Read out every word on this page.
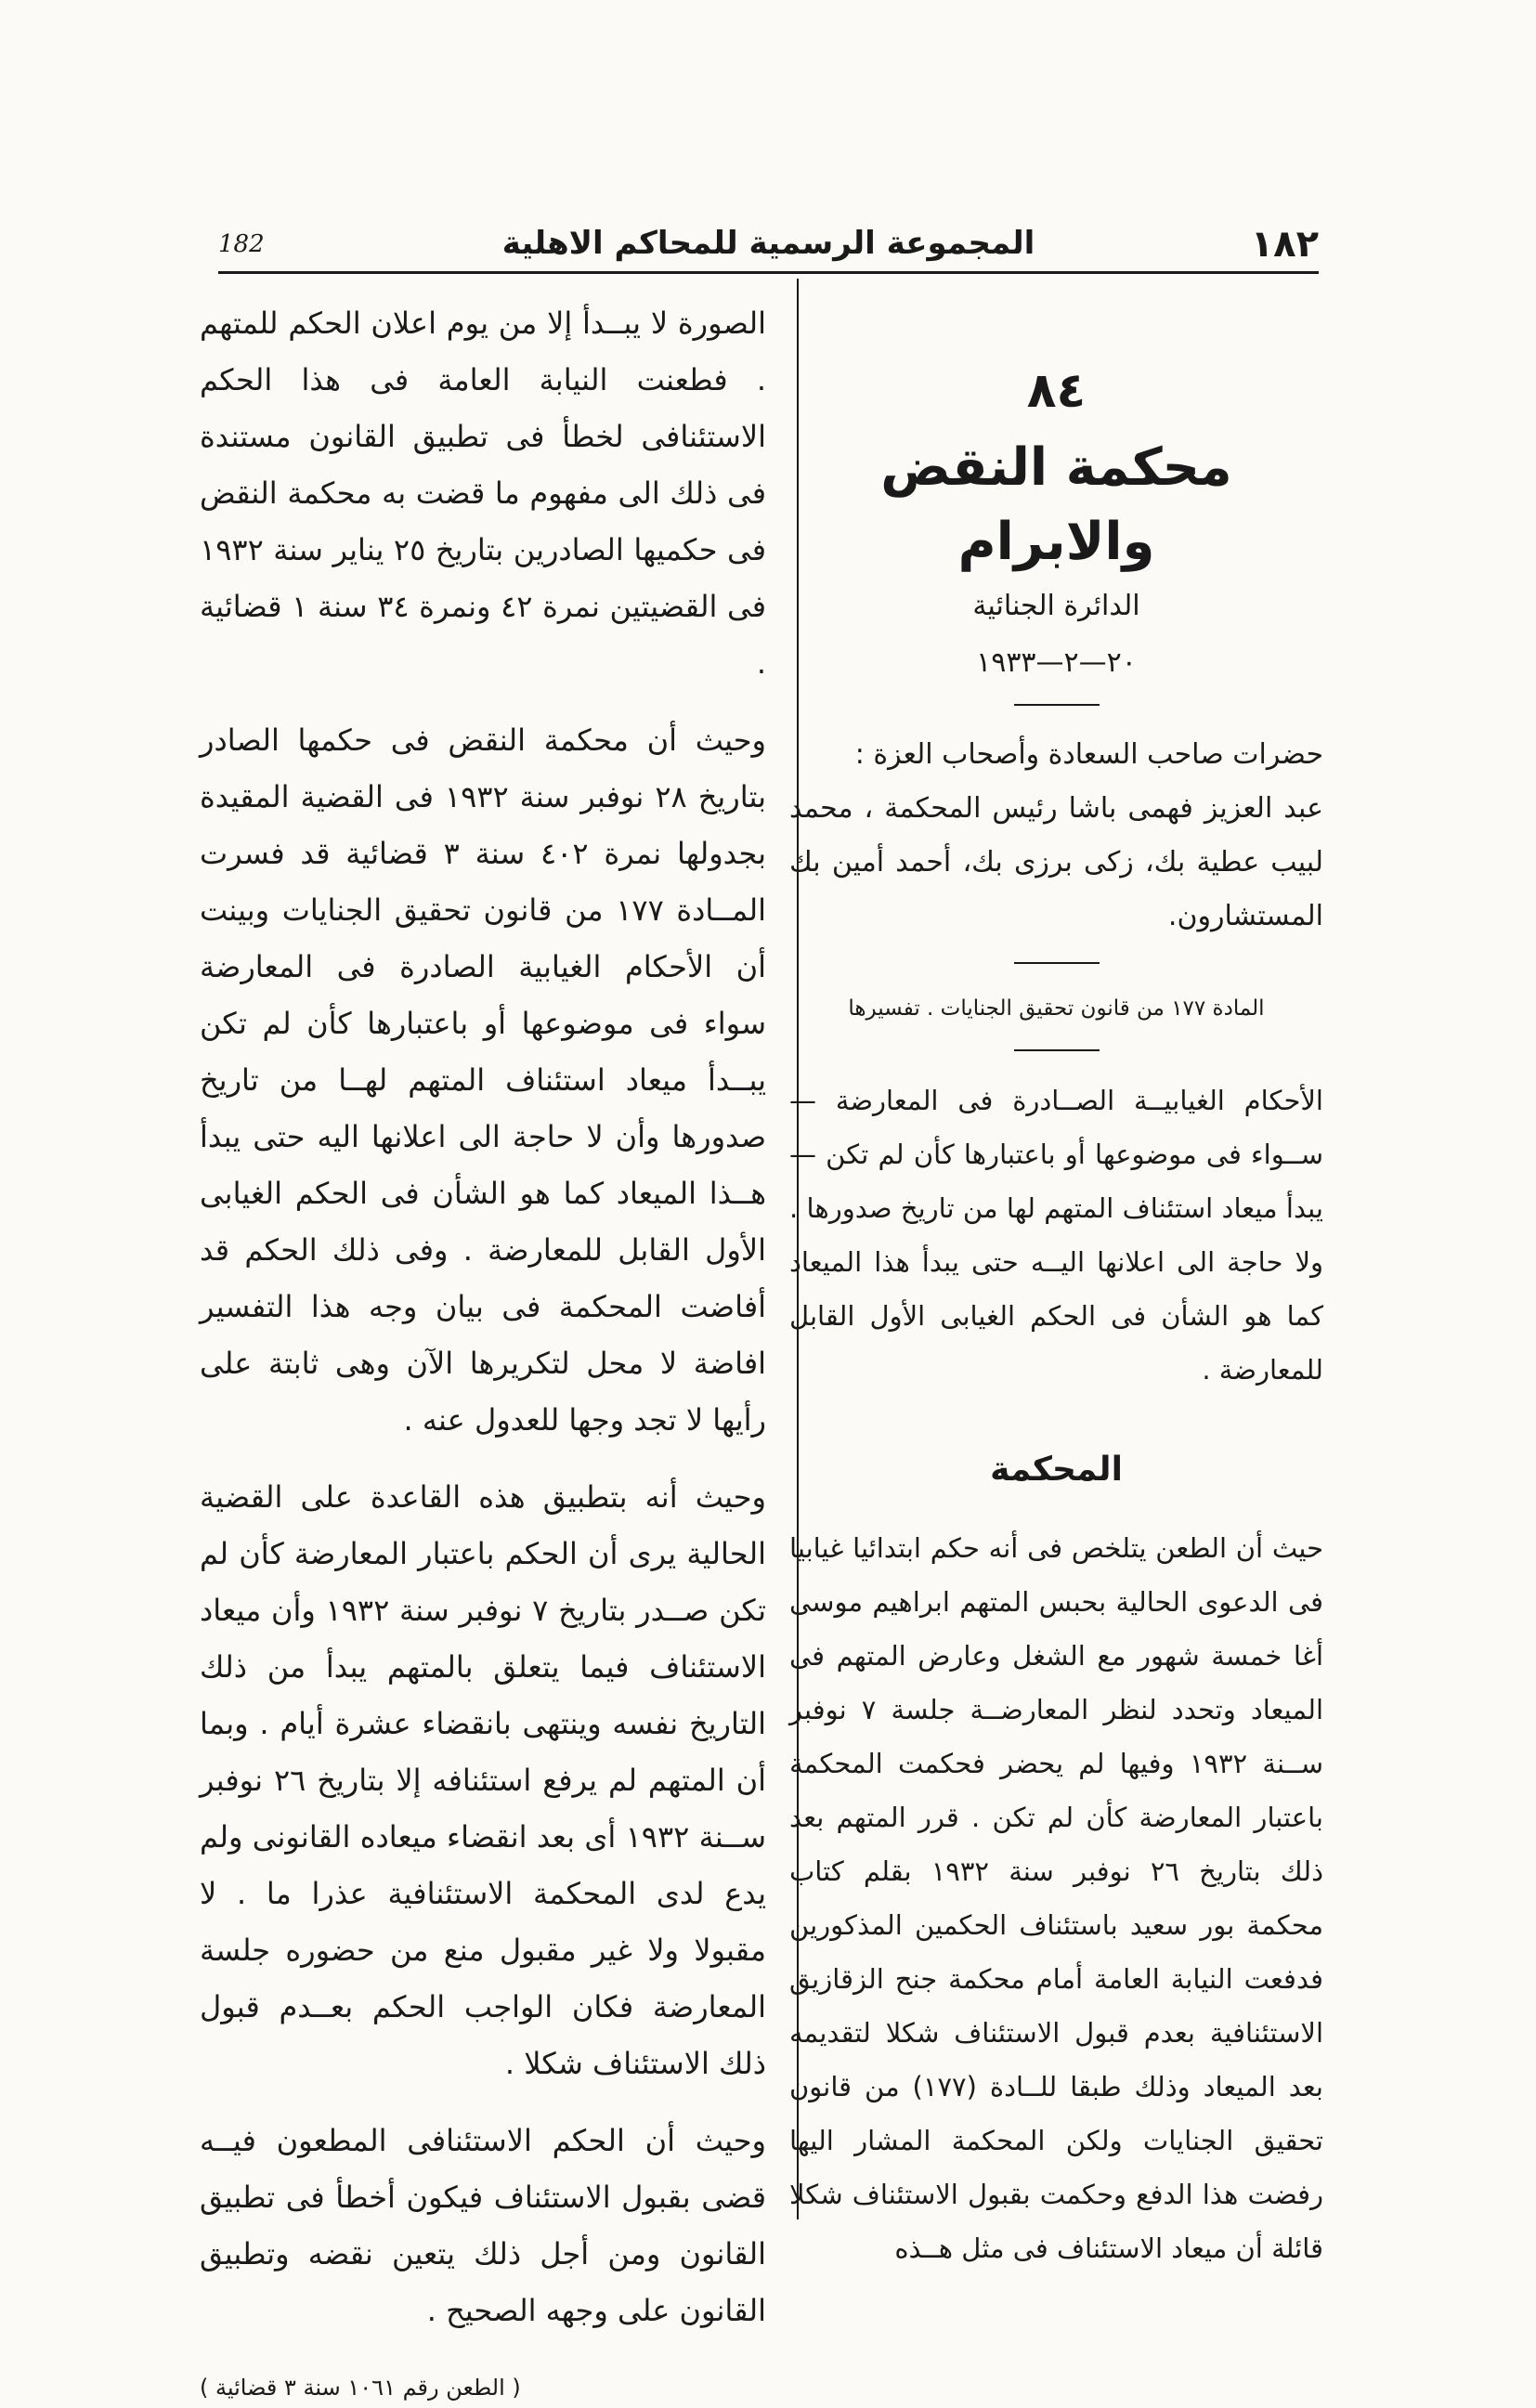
182	المجموعة الرسمية للمحاكم الاهلية	١٨٢
٨٤
محكمة النقض والابرام
الدائرة الجنائية
٢٠—٢—١٩٣٣

حضرات صاحب السعادة وأصحاب العزة :

عبد العزيز فهمى باشا رئيس المحكمة ، محمد لبيب عطية بك، زكى برزى بك، أحمد أمين بك المستشارون.

المادة ١٧٧ من قانون تحقيق الجنايات . تفسيرها

الأحكام الغيابيــة الصــادرة فى المعارضة — ســواء فى موضوعها أو باعتبارها كأن لم تكن —يبدأ ميعاد استئناف المتهم لها من تاريخ صدورها . ولا حاجة الى اعلانها اليــه حتى يبدأ هذا الميعاد كما هو الشأن فى الحكم الغيابى الأول القابل للمعارضة .

المحكمة

حيث أن الطعن يتلخص فى أنه حكم ابتدائيا غيابيا فى الدعوى الحالية بحبس المتهم ابراهيم موسى أغا خمسة شهور مع الشغل وعارض المتهم فى الميعاد وتحدد لنظر المعارضــة جلسة ٧ نوفبر ســنة ١٩٣٢ وفيها لم يحضر فحكمت المحكمة باعتبار المعارضة كأن لم تكن . قرر المتهم بعد ذلك بتاريخ ٢٦ نوفبر سنة ١٩٣٢ بقلم كتاب محكمة بور سعيد باستئناف الحكمين المذكورين فدفعت النيابة العامة أمام محكمة جنح الزقازيق الاستئنافية بعدم قبول الاستئناف شكلا لتقديمه بعد الميعاد وذلك طبقا للــادة (١٧٧) من قانون تحقيق الجنايات ولكن المحكمة المشار اليها رفضت هذا الدفع وحكمت بقبول الاستئناف شكلا قائلة أن ميعاد الاستئناف فى مثل هــذه

الصورة لا يبــدأ إلا من يوم اعلان الحكم للمتهم . فطعنت النيابة العامة فى هذا الحكم الاستئنافى لخطأ فى تطبيق القانون مستندة فى ذلك الى مفهوم ما قضت به محكمة النقض فى حكميها الصادرين بتاريخ ٢٥ يناير سنة ١٩٣٢ فى القضيتين نمرة ٤٢ ونمرة ٣٤ سنة ١ قضائية .

وحيث أن محكمة النقض فى حكمها الصادر بتاريخ ٢٨ نوفبر سنة ١٩٣٢ فى القضية المقيدة بجدولها نمرة ٤٠٢ سنة ٣ قضائية قد فسرت المــادة ١٧٧ من قانون تحقيق الجنايات وبينت أن الأحكام الغيابية الصادرة فى المعارضة سواء فى موضوعها أو باعتبارها كأن لم تكن يبــدأ ميعاد استئناف المتهم لهــا من تاريخ صدورها وأن لا حاجة الى اعلانها اليه حتى يبدأ هــذا الميعاد كما هو الشأن فى الحكم الغيابى الأول القابل للمعارضة . وفى ذلك الحكم قد أفاضت المحكمة فى بيان وجه هذا التفسير افاضة لا محل لتكريرها الآن وهى ثابتة على رأيها لا تجد وجها للعدول عنه .

وحيث أنه بتطبيق هذه القاعدة على القضية الحالية يرى أن الحكم باعتبار المعارضة كأن لم تكن صــدر بتاريخ ٧ نوفبر سنة ١٩٣٢ وأن ميعاد الاستئناف فيما يتعلق بالمتهم يبدأ من ذلك التاريخ نفسه وينتهى بانقضاء عشرة أيام . وبما أن المتهم لم يرفع استئنافه إلا بتاريخ ٢٦ نوفبر ســنة ١٩٣٢ أى بعد انقضاء ميعاده القانونى ولم يدع لدى المحكمة الاستئنافية عذرا ما . لا مقبولا ولا غير مقبول منع من حضوره جلسة المعارضة فكان الواجب الحكم بعــدم قبول ذلك الاستئناف شكلا .

وحيث أن الحكم الاستئنافى المطعون فيــه قضى بقبول الاستئناف فيكون أخطأ فى تطبيق القانون ومن أجل ذلك يتعين نقضه وتطبيق القانون على وجهه الصحيح .

( الطعن رقم ١٠٦١ سنة ٣ قضائية )
